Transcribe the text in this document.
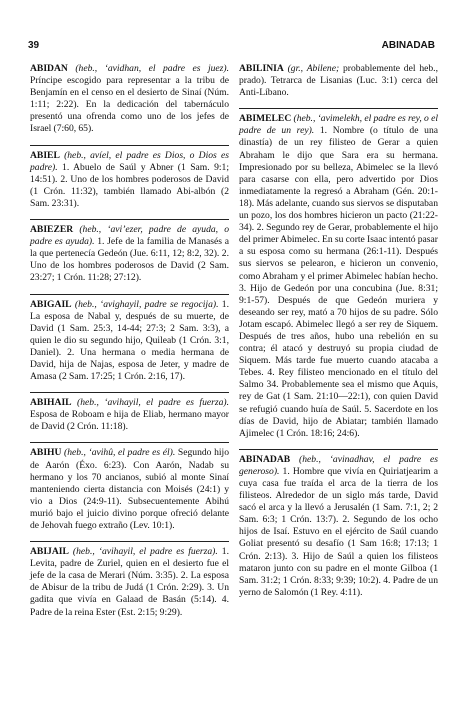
39	ABINADAB

ABIDAN (heb., ‘avidhan, el padre es juez). Príncipe escogido para representar a la tribu de Benjamín en el censo en el desierto de Sinaí (Núm. 1:11; 2:22). En la dedicación del tabernáculo presentó una ofrenda como uno de los jefes de Israel (7:60, 65).

ABIEL (heb., avíel, el padre es Dios, o Dios es padre). 1. Abuelo de Saúl y Abner (1 Sam. 9:1; 14:51). 2. Uno de los hombres poderosos de David (1 Crón. 11:32), también llamado Abi-albón (2 Sam. 23:31).

ABIEZER (heb., ‘avi’ezer, padre de ayuda, o padre es ayuda). 1. Jefe de la familia de Manasés a la que pertenecía Gedeón (Jue. 6:11, 12; 8:2, 32). 2. Uno de los hombres poderosos de David (2 Sam. 23:27; 1 Crón. 11:28; 27:12).

ABIGAIL (heb., ‘avighayil, padre se regocija). 1. La esposa de Nabal y, después de su muerte, de David (1 Sam. 25:3, 14-44; 27:3; 2 Sam. 3:3), a quien le dio su segundo hijo, Quileab (1 Crón. 3:1, Daniel). 2. Una hermana o media hermana de David, hija de Najas, esposa de Jeter, y madre de Amasa (2 Sam. 17:25; 1 Crón. 2:16, 17).

ABIHAIL (heb., ‘avihayil, el padre es fuerza). Esposa de Roboam e hija de Eliab, hermano mayor de David (2 Crón. 11:18).

ABIHU (heb., ‘avihû, el padre es él). Segundo hijo de Aarón (Éxo. 6:23). Con Aarón, Nadab su hermano y los 70 ancianos, subió al monte Sinaí manteniendo cierta distancia con Moisés (24:1) y vio a Dios (24:9-11). Subsecuentemente Abihú murió bajo el juicio divino porque ofreció delante de Jehovah fuego extraño (Lev. 10:1).

ABIJAIL (heb., ‘avihayil, el padre es fuerza). 1. Levita, padre de Zuriel, quien en el desierto fue el jefe de la casa de Merari (Núm. 3:35). 2. La esposa de Abisur de la tribu de Judá (1 Crón. 2:29). 3. Un gadita que vivía en Galaad de Basán (5:14). 4. Padre de la reina Ester (Est. 2:15; 9:29).

ABILINIA (gr., Abilene; probablemente del heb., prado). Tetrarca de Lisanias (Luc. 3:1) cerca del Anti-Líbano.

ABIMELEC (heb., ‘avimelekh, el padre es rey, o el padre de un rey). 1. Nombre (o título de una dinastía) de un rey filisteo de Gerar a quien Abraham le dijo que Sara era su hermana. Impresionado por su belleza, Abimelec se la llevó para casarse con ella, pero advertido por Dios inmediatamente la regresó a Abraham (Gén. 20:1-18). Más adelante, cuando sus siervos se disputaban un pozo, los dos hombres hicieron un pacto (21:22-34). 2. Segundo rey de Gerar, probablemente el hijo del primer Abimelec. En su corte Isaac intentó pasar a su esposa como su hermana (26:1-11). Después sus siervos se pelearon, e hicieron un convenio, como Abraham y el primer Abimelec habían hecho. 3. Hijo de Gedeón por una concubina (Jue. 8:31; 9:1-57). Después de que Gedeón muriera y deseando ser rey, mató a 70 hijos de su padre. Sólo Jotam escapó. Abimelec llegó a ser rey de Siquem. Después de tres años, hubo una rebelión en su contra; él atacó y destruyó su propia ciudad de Siquem. Más tarde fue muerto cuando atacaba a Tebes. 4. Rey filisteo mencionado en el título del Salmo 34. Probablemente sea el mismo que Aquis, rey de Gat (1 Sam. 21:10—22:1), con quien David se refugió cuando huía de Saúl. 5. Sacerdote en los días de David, hijo de Abiatar; también llamado Ajimelec (1 Crón. 18:16; 24:6).

ABINADAB (heb., ‘avinadhav, el padre es generoso). 1. Hombre que vivía en Quiriatjearim a cuya casa fue traída el arca de la tierra de los filisteos. Alrededor de un siglo más tarde, David sacó el arca y la llevó a Jerusalén (1 Sam. 7:1, 2; 2 Sam. 6:3; 1 Crón. 13:7). 2. Segundo de los ocho hijos de Isaí. Estuvo en el ejército de Saúl cuando Goliat presentó su desafío (1 Sam 16:8; 17:13; 1 Crón. 2:13). 3. Hijo de Saúl a quien los filisteos mataron junto con su padre en el monte Gilboa (1 Sam. 31:2; 1 Crón. 8:33; 9:39; 10:2). 4. Padre de un yerno de Salomón (1 Rey. 4:11).
